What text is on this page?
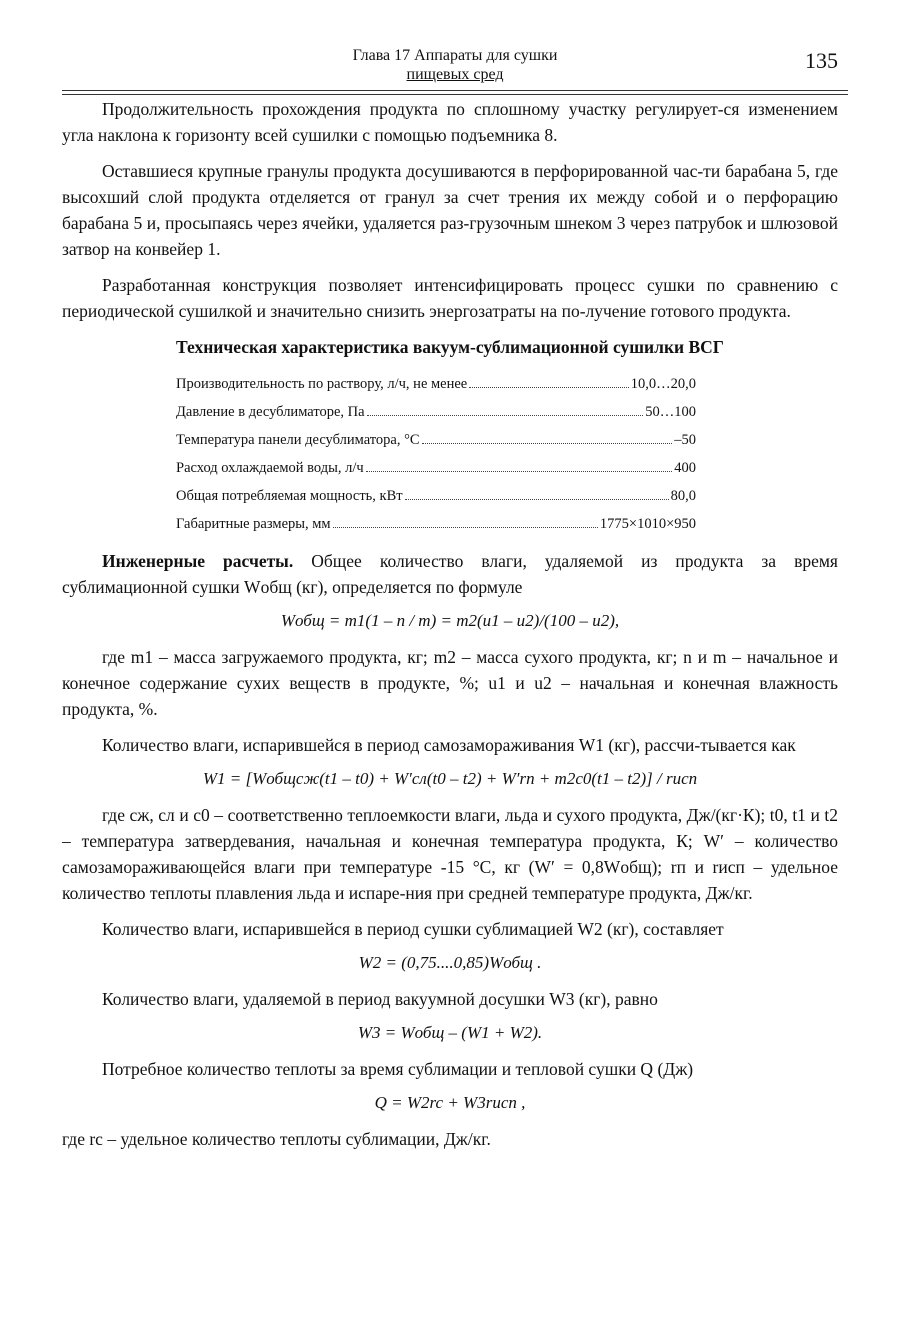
Глава 17 Аппараты для сушки
пищевых сред
135

Продолжительность прохождения продукта по сплошному участку регулирует-ся изменением угла наклона к горизонту всей сушилки с помощью подъемника 8.

Оставшиеся крупные гранулы продукта досушиваются в перфорированной час-ти барабана 5, где высохший слой продукта отделяется от гранул за счет трения их между собой и о перфорацию барабана 5 и, просыпаясь через ячейки, удаляется раз-грузочным шнеком 3 через патрубок и шлюзовой затвор на конвейер 1.

Разработанная конструкция позволяет интенсифицировать процесс сушки по сравнению с периодической сушилкой и значительно снизить энергозатраты на по-лучение готового продукта.

Техническая характеристика вакуум-сублимационной сушилки ВСГ
Производительность по раствору, л/ч, не менее	10,0…20,0
Давление в десублиматоре, Па	50…100
Температура панели десублиматора, °С	–50
Расход охлаждаемой воды, л/ч	400
Общая потребляемая мощность, кВт	80,0
Габаритные размеры, мм	1775×1010×950

Инженерные расчеты. Общее количество влаги, удаляемой из продукта за время сублимационной сушки Wобщ (кг), определяется по формуле

Wобщ = m1(1 – n / m) = m2(u1 – u2)/(100 – u2),

где m1 – масса загружаемого продукта, кг; m2 – масса сухого продукта, кг; n и m – начальное и конечное содержание сухих веществ в продукте, %; u1 и u2 – начальная и конечная влажность продукта, %.

Количество влаги, испарившейся в период самозамораживания W1 (кг), рассчи-тывается как

W1 = [Wобщcж(t1 – t0) + W′cл(t0 – t2) + W′rп + m2c0(t1 – t2)] / rисп

где cж, cл и c0 – соответственно теплоемкости влаги, льда и сухого продукта, Дж/(кг·К); t0, t1 и t2 – температура затвердевания, начальная и конечная температура продукта, К; W′ – количество самозамораживающейся влаги при температуре -15 °С, кг (W′ = 0,8Wобщ); rп и rисп – удельное количество теплоты плавления льда и испаре-ния при средней температуре продукта, Дж/кг.

Количество влаги, испарившейся в период сушки сублимацией W2 (кг), составляет

W2 = (0,75....0,85)Wобщ .

Количество влаги, удаляемой в период вакуумной досушки W3 (кг), равно

W3 = Wобщ – (W1 + W2).

Потребное количество теплоты за время сублимации и тепловой сушки Q (Дж)

Q = W2rc + W3rисп ,

где rc – удельное количество теплоты сублимации, Дж/кг.
